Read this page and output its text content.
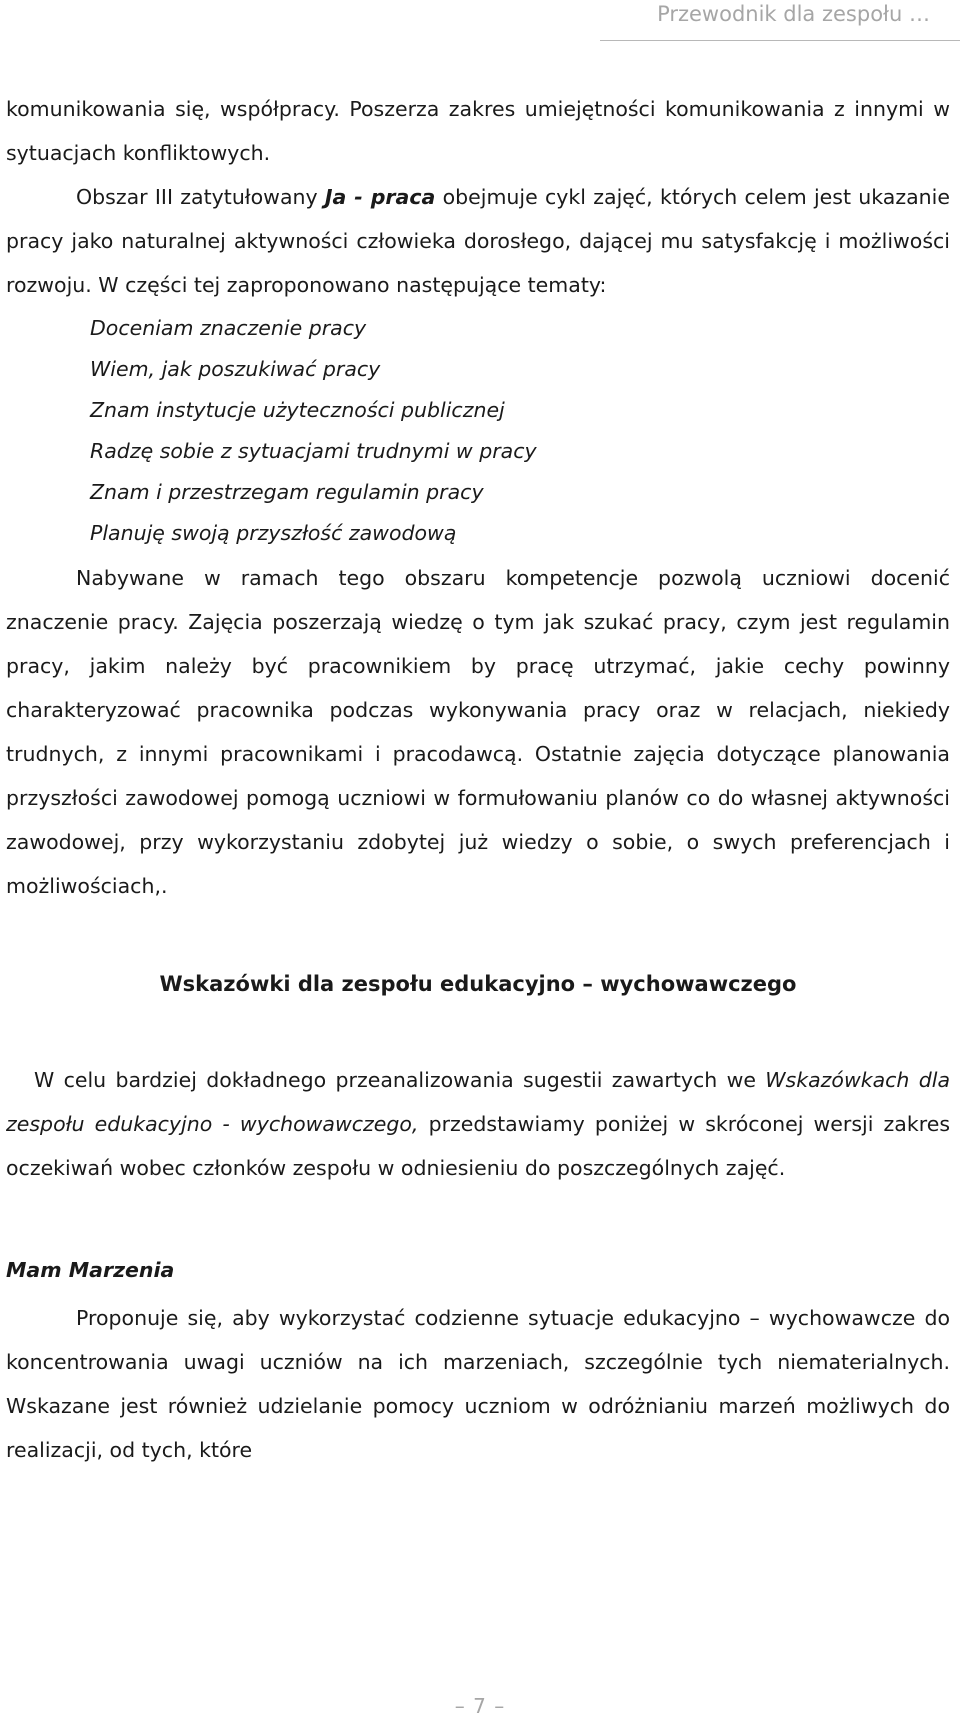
Przewodnik dla zespołu …

komunikowania się, współpracy. Poszerza zakres umiejętności komunikowania z innymi w sytuacjach konfliktowych.

Obszar III zatytułowany Ja - praca obejmuje cykl zajęć, których celem jest ukazanie pracy jako naturalnej aktywności człowieka dorosłego, dającej mu satysfakcję i możliwości rozwoju. W części tej zaproponowano następujące tematy:

Doceniam znaczenie pracy
Wiem, jak poszukiwać pracy
Znam instytucje użyteczności publicznej
Radzę sobie z sytuacjami trudnymi w pracy
Znam i przestrzegam regulamin pracy
Planuję swoją przyszłość zawodową

Nabywane w ramach tego obszaru kompetencje pozwolą uczniowi docenić znaczenie pracy. Zajęcia poszerzają wiedzę o tym jak szukać pracy, czym jest regulamin pracy, jakim należy być pracownikiem by pracę utrzymać, jakie cechy powinny charakteryzować pracownika podczas wykonywania pracy oraz w relacjach, niekiedy trudnych, z innymi pracownikami i pracodawcą. Ostatnie zajęcia dotyczące planowania przyszłości zawodowej pomogą uczniowi w formułowaniu planów co do własnej aktywności zawodowej, przy wykorzystaniu zdobytej już wiedzy o sobie, o swych preferencjach i możliwościach,.

Wskazówki dla zespołu edukacyjno – wychowawczego

W celu bardziej dokładnego przeanalizowania sugestii zawartych we Wskazówkach dla zespołu edukacyjno - wychowawczego, przedstawiamy poniżej w skróconej wersji zakres oczekiwań wobec członków zespołu w odniesieniu do poszczególnych zajęć.

Mam Marzenia

Proponuje się, aby wykorzystać codzienne sytuacje edukacyjno – wychowawcze do koncentrowania uwagi uczniów na ich marzeniach, szczególnie tych niematerialnych. Wskazane jest również udzielanie pomocy uczniom w odróżnianiu marzeń możliwych do realizacji, od tych, które

– 7 –
